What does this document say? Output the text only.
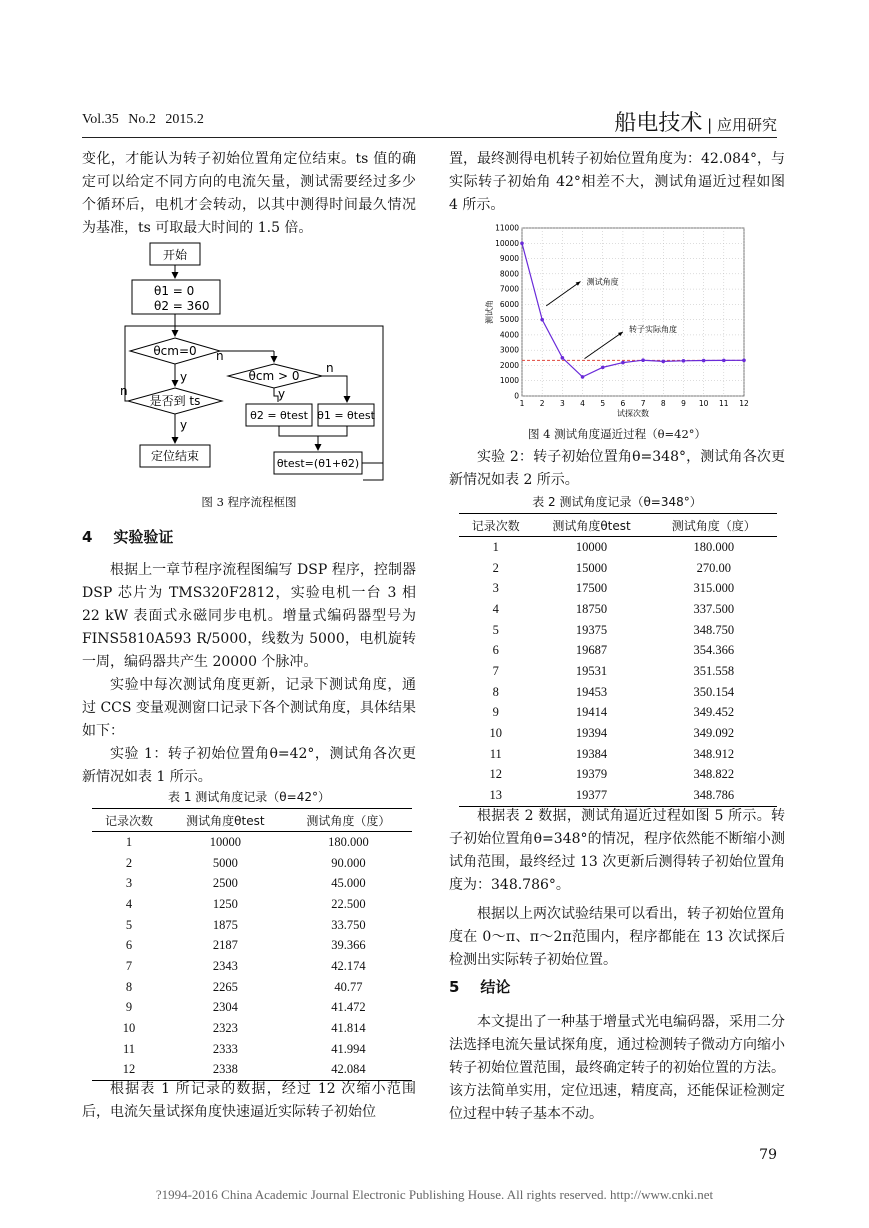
Vol.35 No.2 2015.2	船电技术 | 应用研究

变化，才能认为转子初始位置角定位结束。ts 值的确定可以给定不同方向的电流矢量，测试需要经过多少个循环后，电机才会转动，以其中测得时间最久情况为基准，ts 可取最大时间的 1.5 倍。

开始
θ1 = 0
θ2 = 360
θcm=0 n
y	θcm > 0
n
y
是否到 ts
n
y
定位结束
θ2 = θtest θ1 = θtest
θtest=(θ1+θ2)
图 3 程序流程框图
4 实验验证

根据上一章节程序流程图编写 DSP 程序，控制器 DSP 芯片为 TMS320F2812，实验电机一台 3 相 22 kW 表面式永磁同步电机。增量式编码器型号为 FINS5810A593 R/5000，线数为 5000，电机旋转一周，编码器共产生 20000 个脉冲。

实验中每次测试角度更新，记录下测试角度，通过 CCS 变量观测窗口记录下各个测试角度，具体结果如下：

实验 1：转子初始位置角θ=42°，测试角各次更新情况如表 1 所示。

表 1 测试角度记录（θ=42°）
记录次数	测试角度θtest	测试角度（度）
1	10000	180.000
2	5000	90.000
3	2500	45.000
4	1250	22.500
5	1875	33.750
6	2187	39.366
7	2343	42.174
8	2265	40.77
9	2304	41.472
10	2323	41.814
11	2333	41.994
12	2338	42.084

根据表 1 所记录的数据，经过 12 次缩小范围后，电流矢量试探角度快速逼近实际转子初始位

置，最终测得电机转子初始位置角度为：42.084°，与实际转子初始角 42°相差不大，测试角逼近过程如图 4 所示。

1 2 3 4 5 6 7 8 9 10 11 12
0
1000
2000
3000
4000
5000
6000
7000
8000
9000
10000
11000
试探次数
测试角
测试角度
转子实际角度
图 4 测试角度逼近过程（θ=42°）

实验 2：转子初始位置角θ=348°，测试角各次更新情况如表 2 所示。

表 2 测试角度记录（θ=348°）
记录次数	测试角度θtest	测试角度（度）
1	10000	180.000
2	15000	270.00
3	17500	315.000
4	18750	337.500
5	19375	348.750
6	19687	354.366
7	19531	351.558
8	19453	350.154
9	19414	349.452
10	19394	349.092
11	19384	348.912
12	19379	348.822
13	19377	348.786

根据表 2 数据，测试角逼近过程如图 5 所示。转子初始位置角θ=348°的情况，程序依然能不断缩小测试角范围，最终经过 13 次更新后测得转子初始位置角度为：348.786°。

根据以上两次试验结果可以看出，转子初始位置角度在 0～π、π～2π范围内，程序都能在 13 次试探后检测出实际转子初始位置。

5 结论

本文提出了一种基于增量式光电编码器，采用二分法选择电流矢量试探角度，通过检测转子微动方向缩小转子初始位置范围，最终确定转子的初始位置的方法。该方法简单实用，定位迅速，精度高，还能保证检测定位过程中转子基本不动。

79
?1994-2016 China Academic Journal Electronic Publishing House. All rights reserved. http://www.cnki.net
